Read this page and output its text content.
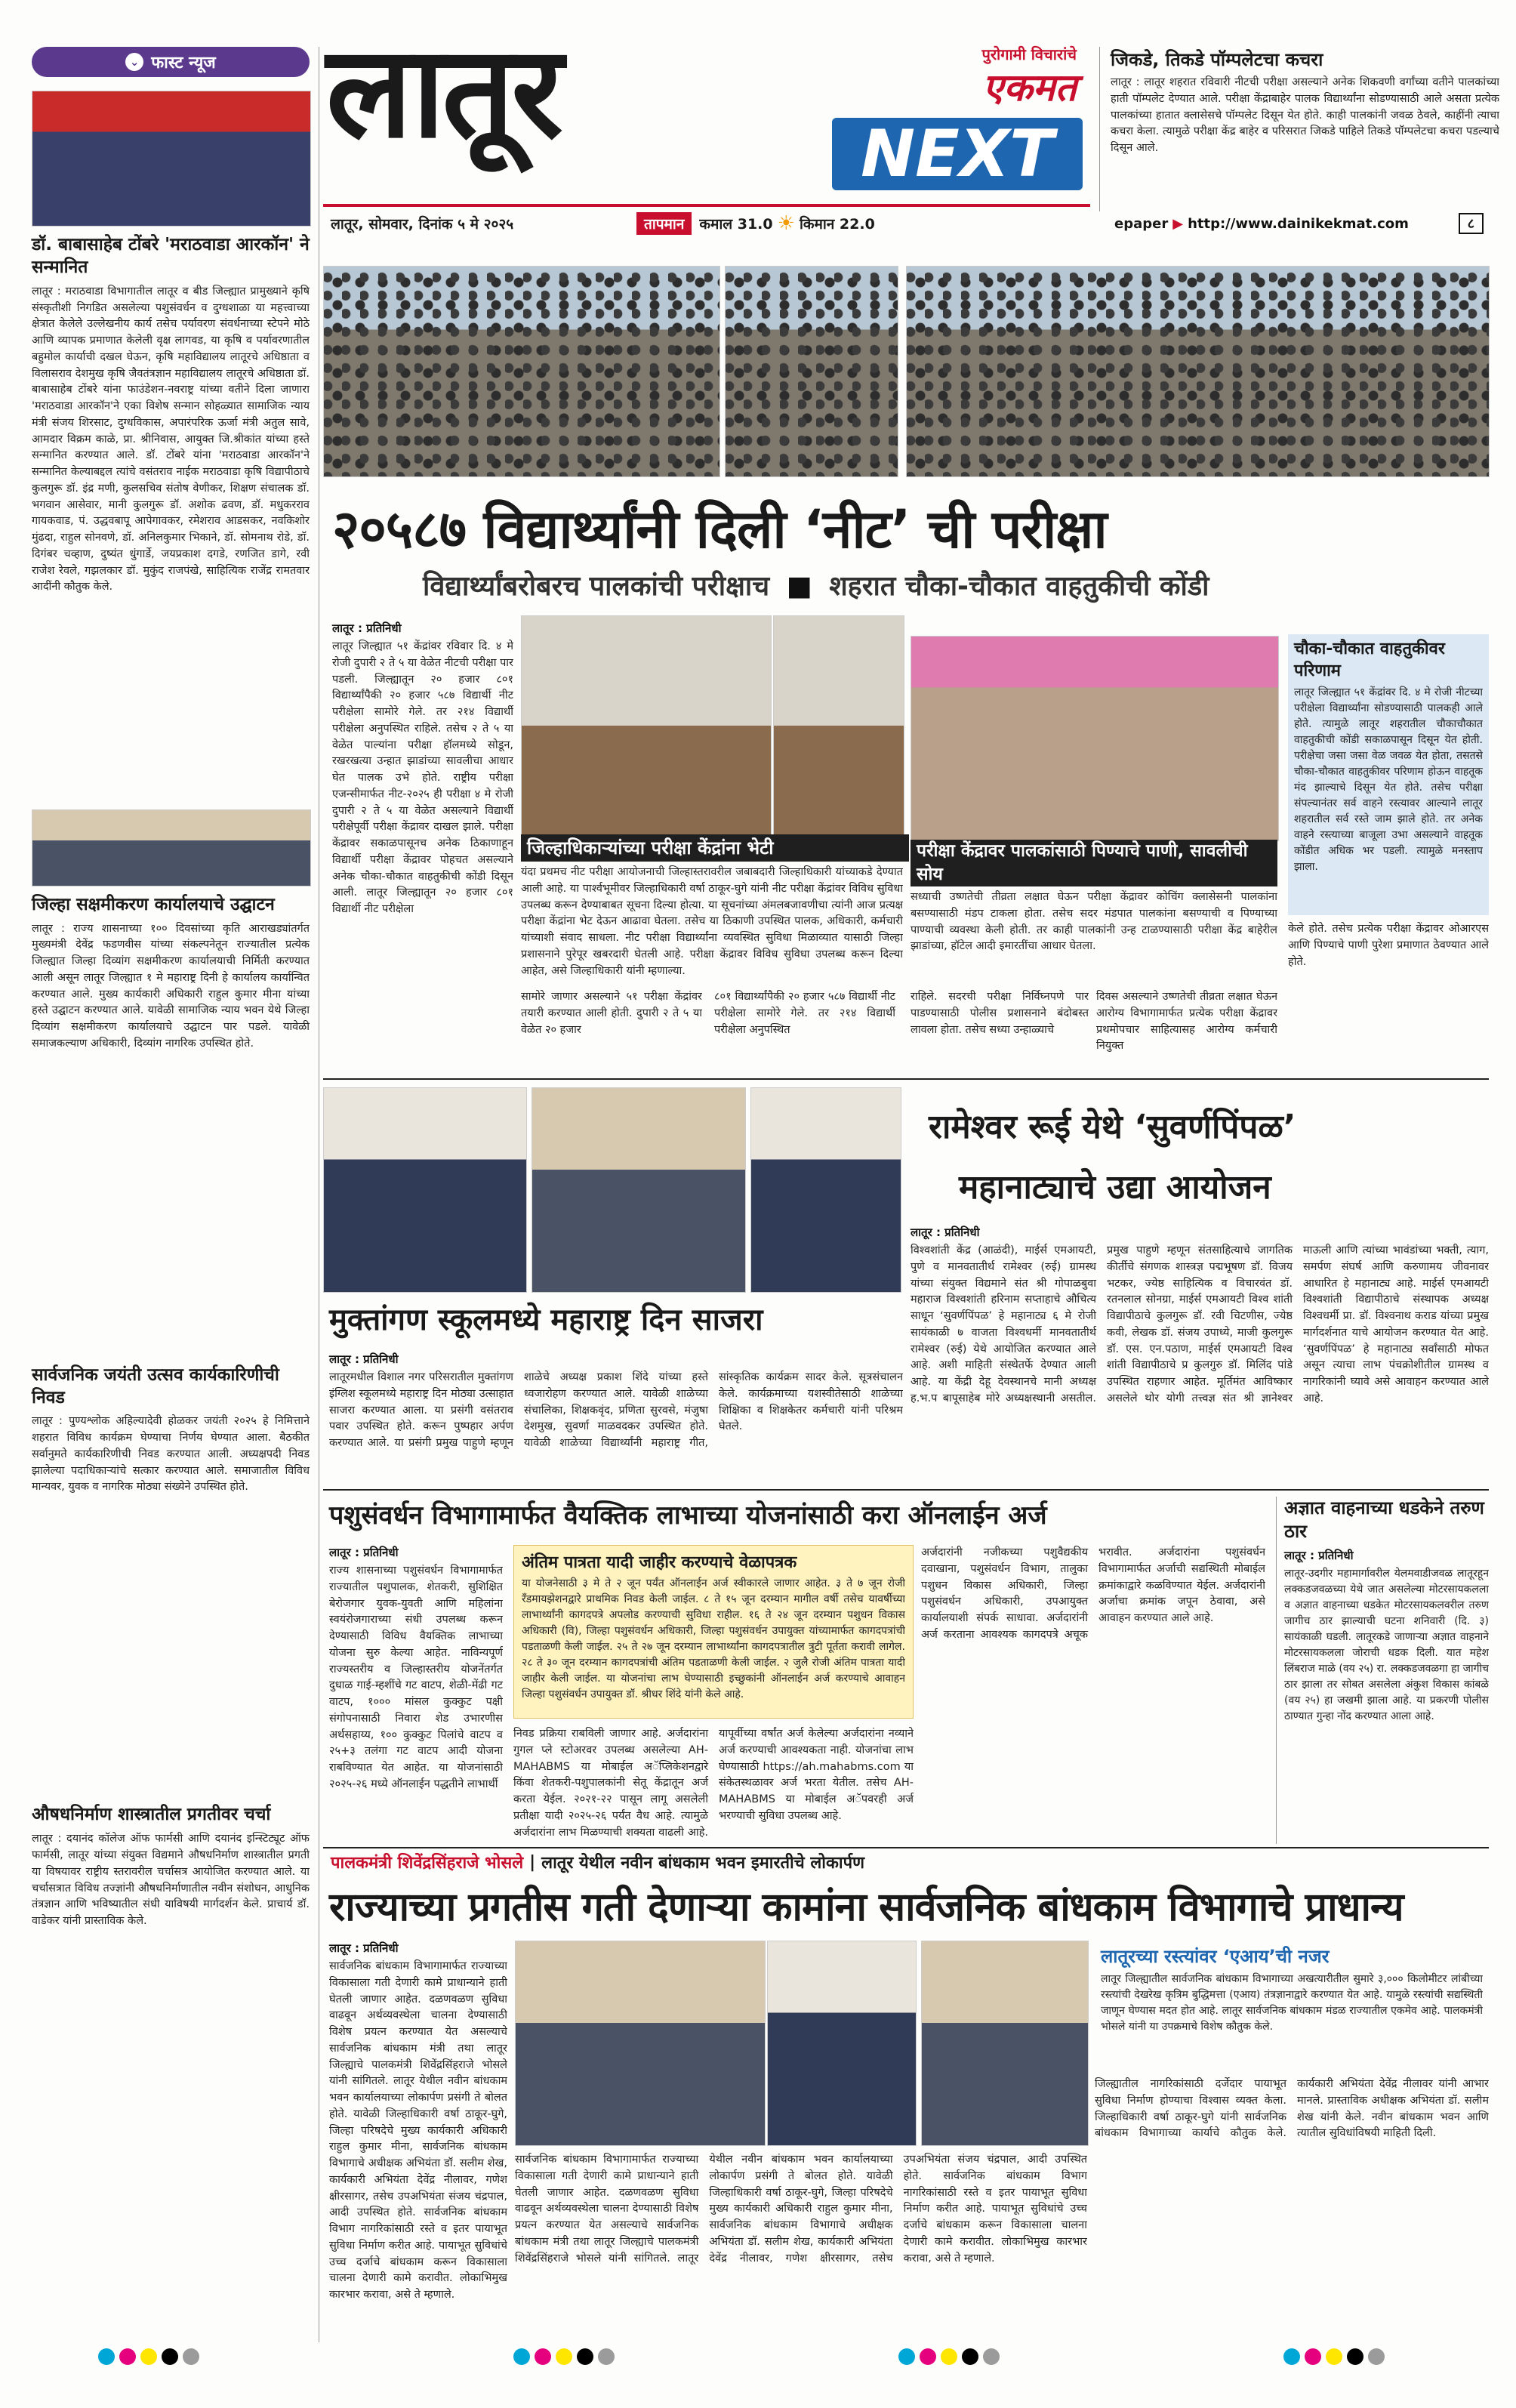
⌄ फास्ट न्यूज
डॉ. बाबासाहेब टोंबरे 'मराठवाडा आरकॉन' ने सन्मानित
लातूर : मराठवाडा विभागातील लातूर व बीड जिल्ह्यात प्रामुख्याने कृषि संस्कृतीशी निगडित असलेल्या पशुसंवर्धन व दुग्धशाळा या महत्त्वाच्या क्षेत्रात केलेले उल्लेखनीय कार्य तसेच पर्यावरण संवर्धनाच्या स्टेपने मोठे आणि व्यापक प्रमाणात केलेली वृक्ष लागवड, या कृषि व पर्यावरणातील बहुमोल कार्याची दखल घेऊन, कृषि महाविद्यालय लातूरचे अधिष्ठाता व विलासराव देशमुख कृषि जैवतंत्रज्ञान महाविद्यालय लातूरचे अधिष्ठाता डॉ. बाबासाहेब टोंबरे यांना फाउंडेशन-नवराष्ट्र यांच्या वतीने दिला जाणारा 'मराठवाडा आरकॉन'ने एका विशेष सन्मान सोहळ्यात सामाजिक न्याय मंत्री संजय शिरसाट, दुग्धविकास, अपारंपरिक ऊर्जा मंत्री अतुल सावे, आमदार विक्रम काळे, प्रा. श्रीनिवास, आयुक्त जि.श्रीकांत यांच्या हस्ते सन्मानित करण्यात आले. डॉ. टोंबरे यांना 'मराठवाडा आरकॉन'ने सन्मानित केल्याबद्दल त्यांचे वसंतराव नाईक मराठवाडा कृषि विद्यापीठाचे कुलगुरू डॉ. इंद्र मणी, कुलसचिव संतोष वेणीकर, शिक्षण संचालक डॉ. भगवान आसेवार, मानी कुलगुरू डॉ. अशोक ढवण, डॉ. मधुकरराव गायकवाड, पं. उद्धवबापू आपेगावकर, रमेशराव आडसकर, नवकिशोर मुंढदा, राहुल सोनवणे, डॉ. अनिलकुमार भिकाने, डॉ. सोमनाथ रोडे, डॉ. दिगंबर चव्हाण, दुष्यंत धुंगार्डे, जयप्रकाश दगडे, रणजित डागे, रवी राजेश रेवले, गझलकार डॉ. मुकुंद राजपंखे, साहित्यिक राजेंद्र रामतवार आदींनी कौतुक केले.
जिल्हा सक्षमीकरण कार्यालयाचे उद्घाटन
लातूर : राज्य शासनाच्या १०० दिवसांच्या कृति आराखड्यांतर्गत मुख्यमंत्री देवेंद्र फडणवीस यांच्या संकल्पनेतून राज्यातील प्रत्येक जिल्ह्यात जिल्हा दिव्यांग सक्षमीकरण कार्यालयाची निर्मिती करण्यात आली असून लातूर जिल्ह्यात १ मे महाराष्ट्र दिनी हे कार्यालय कार्यान्वित करण्यात आले. मुख्य कार्यकारी अधिकारी राहुल कुमार मीना यांच्या हस्ते उद्घाटन करण्यात आले. यावेळी सामाजिक न्याय भवन येथे जिल्हा दिव्यांग सक्षमीकरण कार्यालयाचे उद्घाटन पार पडले. यावेळी समाजकल्याण अधिकारी, दिव्यांग नागरिक उपस्थित होते.
सार्वजनिक जयंती उत्सव कार्यकारिणीची निवड
लातूर : पुण्यश्लोक अहिल्यादेवी होळकर जयंती २०२५ हे निमित्ताने शहरात विविध कार्यक्रम घेण्याचा निर्णय घेण्यात आला. बैठकीत सर्वानुमते कार्यकारिणीची निवड करण्यात आली. अध्यक्षपदी निवड झालेल्या पदाधिकाऱ्यांचे सत्कार करण्यात आले. समाजातील विविध मान्यवर, युवक व नागरिक मोठ्या संख्येने उपस्थित होते.
औषधनिर्माण शास्त्रातील प्रगतीवर चर्चा
लातूर : दयानंद कॉलेज ऑफ फार्मसी आणि दयानंद इन्स्टिट्यूट ऑफ फार्मसी, लातूर यांच्या संयुक्त विद्यमाने औषधनिर्माण शास्त्रातील प्रगती या विषयावर राष्ट्रीय स्तरावरील चर्चासत्र आयोजित करण्यात आले. या चर्चासत्रात विविध तज्ज्ञांनी औषधनिर्माणातील नवीन संशोधन, आधुनिक तंत्रज्ञान आणि भविष्यातील संधी याविषयी मार्गदर्शन केले. प्राचार्य डॉ. वाडेकर यांनी प्रास्ताविक केले.
लातूर	पुरोगामी विचारांचे
एकमत
NEXT
लातूर, सोमवार, दिनांक ५ मे २०२५	तापमान	कमाल 31.0 ☀ किमान 22.0
जिकडे, तिकडे पॉम्पलेटचा कचरा
लातूर : लातूर शहरात रविवारी नीटची परीक्षा असल्याने अनेक शिकवणी वर्गांच्या वतीने पालकांच्या हाती पॉम्पलेट देण्यात आले. परीक्षा केंद्राबाहेर पालक विद्यार्थ्यांना सोडण्यासाठी आले असता प्रत्येक पालकांच्या हातात क्लासेसचे पॉम्पलेट दिसून येत होते. काही पालकांनी जवळ ठेवले, काहींनी त्याचा कचरा केला. त्यामुळे परीक्षा केंद्र बाहेर व परिसरात जिकडे पाहिले तिकडे पॉम्पलेटचा कचरा पडल्याचे दिसून आले.
epaper ▶ http://www.dainikekmat.com	८
२०५८७ विद्यार्थ्यांनी दिली ‘नीट’ ची परीक्षा
विद्यार्थ्यांबरोबरच पालकांची परीक्षाच ■ शहरात चौका-चौकात वाहतुकीची कोंडी
लातूर : प्रतिनिधी
लातूर जिल्ह्यात ५१ केंद्रांवर रविवार दि. ४ मे रोजी दुपारी २ ते ५ या वेळेत नीटची परीक्षा पार पडली. जिल्ह्यातून २० हजार ८०१ विद्यार्थ्यांपैकी २० हजार ५८७ विद्यार्थी नीट परीक्षेला सामोरे गेले. तर २१४ विद्यार्थी परीक्षेला अनुपस्थित राहिले. तसेच २ ते ५ या वेळेत पाल्यांना परीक्षा हॉलमध्ये सोडून, रखरखत्या उन्हात झाडांच्या सावलीचा आधार घेत पालक उभे होते. राष्ट्रीय परीक्षा एजन्सीमार्फत नीट-२०२५ ही परीक्षा ४ मे रोजी दुपारी २ ते ५ या वेळेत असल्याने विद्यार्थी परीक्षेपूर्वी परीक्षा केंद्रावर दाखल झाले. परीक्षा केंद्रावर सकाळपासूनच अनेक ठिकाणाहून विद्यार्थी परीक्षा केंद्रावर पोहचत असल्याने अनेक चौका-चौकात वाहतुकीची कोंडी दिसून आली. लातूर जिल्ह्यातून २० हजार ८०१ विद्यार्थी नीट परीक्षेला
जिल्हाधिकाऱ्यांच्या परीक्षा केंद्रांना भेटी
यंदा प्रथमच नीट परीक्षा आयोजनाची जिल्हास्तरावरील जबाबदारी जिल्हाधिकारी यांच्याकडे देण्यात आली आहे. या पार्श्वभूमीवर जिल्हाधिकारी वर्षा ठाकूर-घुगे यांनी नीट परीक्षा केंद्रांवर विविध सुविधा उपलब्ध करून देण्याबाबत सूचना दिल्या होत्या. या सूचनांच्या अंमलबजावणीचा त्यांनी आज प्रत्यक्ष परीक्षा केंद्रांना भेट देऊन आढावा घेतला. तसेच या ठिकाणी उपस्थित पालक, अधिकारी, कर्मचारी यांच्याशी संवाद साधला. नीट परीक्षा विद्यार्थ्यांना व्यवस्थित सुविधा मिळाव्यात यासाठी जिल्हा प्रशासनाने पुरेपूर खबरदारी घेतली आहे. परीक्षा केंद्रावर विविध सुविधा उपलब्ध करून दिल्या आहेत, असे जिल्हाधिकारी यांनी म्हणाल्या.
परीक्षा केंद्रावर पालकांसाठी पिण्याचे पाणी, सावलीची सोय
सध्याची उष्णतेची तीव्रता लक्षात घेऊन परीक्षा केंद्रावर कोचिंग क्लासेसनी पालकांना बसण्यासाठी मंडप टाकला होता. तसेच सदर मंडपात पालकांना बसण्याची व पिण्याच्या पाण्याची व्यवस्था केली होती. तर काही पालकांनी उन्ह टाळण्यासाठी परीक्षा केंद्र बाहेरील झाडांच्या, हॉटेल आदी इमारतींचा आधार घेतला.
चौका-चौकात वाहतुकीवर परिणाम
लातूर जिल्ह्यात ५१ केंद्रांवर दि. ४ मे रोजी नीटच्या परीक्षेला विद्यार्थ्यांना सोडण्यासाठी पालकही आले होते. त्यामुळे लातूर शहरातील चौकाचौकात वाहतुकीची कोंडी सकाळपासून दिसून येत होती. परीक्षेचा जसा जसा वेळ जवळ येत होता, तसतसे चौका-चौकात वाहतुकीवर परिणाम होऊन वाहतूक मंद झाल्याचे दिसून येत होते. तसेच परीक्षा संपल्यानंतर सर्व वाहने रस्त्यावर आल्याने लातूर शहरातील सर्व रस्ते जाम झाले होते. तर अनेक वाहने रस्त्याच्या बाजूला उभा असल्याने वाहतूक कोंडीत अधिक भर पडली. त्यामुळे मनस्ताप झाला.
सामोरे जाणार असल्याने ५१ परीक्षा केंद्रांवर तयारी करण्यात आली होती. दुपारी २ ते ५ या वेळेत २० हजार
८०१ विद्यार्थ्यांपैकी २० हजार ५८७ विद्यार्थी नीट परीक्षेला सामोरे गेले. तर २१४ विद्यार्थी परीक्षेला अनुपस्थित
राहिले. सदरची परीक्षा निर्विघ्नपणे पार पाडण्यासाठी पोलीस प्रशासनाने बंदोबस्त लावला होता. तसेच सध्या उन्हाळ्याचे
दिवस असल्याने उष्णतेची तीव्रता लक्षात घेऊन आरोग्य विभागामार्फत प्रत्येक परीक्षा केंद्रावर प्रथमोपचार साहित्यासह आरोग्य कर्मचारी नियुक्त
केले होते. तसेच प्रत्येक परीक्षा केंद्रावर ओआरएस आणि पिण्याचे पाणी पुरेशा प्रमाणात ठेवण्यात आले होते.
मुक्तांगण स्कूलमध्ये महाराष्ट्र दिन साजरा
लातूर : प्रतिनिधी
लातूरमधील विशाल नगर परिसरातील मुक्तांगण इंग्लिश स्कूलमध्ये महाराष्ट्र दिन मोठ्या उत्साहात साजरा करण्यात आला. या प्रसंगी वसंतराव पवार उपस्थित होते. करून पुष्पहार अर्पण करण्यात आले. या प्रसंगी प्रमुख पाहुणे म्हणून शाळेचे अध्यक्ष प्रकाश शिंदे यांच्या हस्ते ध्वजारोहण करण्यात आले. यावेळी शाळेच्या संचालिका, शिक्षकवृंद, प्रणिता सुरवसे, मंजुषा देशमुख, सुवर्णा माळवदकर उपस्थित होते. यावेळी शाळेच्या विद्यार्थ्यांनी महाराष्ट्र गीत, सांस्कृतिक कार्यक्रम सादर केले. सूत्रसंचालन केले. कार्यक्रमाच्या यशस्वीतेसाठी शाळेच्या शिक्षिका व शिक्षकेतर कर्मचारी यांनी परिश्रम घेतले.
रामेश्वर रूई येथे ‘सुवर्णपिंपळ’
महानाट्याचे उद्या आयोजन
लातूर : प्रतिनिधी
विश्वशांती केंद्र (आळंदी), माईर्स एमआयटी, पुणे व मानवतातीर्थ रामेश्वर (रुई) ग्रामस्थ यांच्या संयुक्त विद्यमाने संत श्री गोपाळबुवा महाराज विश्वशांती हरिनाम सप्ताहाचे औचित्य साधून ‘सुवर्णपिंपळ’ हे महानाट्य ६ मे रोजी सायंकाळी ७ वाजता विश्वधर्मी मानवतातीर्थ रामेश्वर (रुई) येथे आयोजित करण्यात आले आहे. अशी माहिती संस्थेतर्फे देण्यात आली आहे. या केंद्री देहू देवस्थानचे मानी अध्यक्ष ह.भ.प बापूसाहेब मोरे अध्यक्षस्थानी असतील. प्रमुख पाहुणे म्हणून संतसाहित्याचे जागतिक कीर्तीचे संगणक शास्त्रज्ञ पद्मभूषण डॉ. विजय भटकर, ज्येष्ठ साहित्यिक व विचारवंत डॉ. रतनलाल सोनग्रा, माईर्स एमआयटी विश्व शांती विद्यापीठाचे कुलगुरू डॉ. रवी चिटणीस, ज्येष्ठ कवी, लेखक डॉ. संजय उपाध्ये, माजी कुलगुरू डॉ. एस. एन.पठाण, माईर्स एमआयटी विश्व शांती विद्यापीठाचे प्र कुलगुरु डॉ. मिलिंद पांडे उपस्थित राहणार आहेत. मूर्तिमंत आविष्कार असलेले थोर योगी तत्त्वज्ञ संत श्री ज्ञानेश्वर माऊली आणि त्यांच्या भावंडांच्या भक्ती, त्याग, समर्पण संघर्ष आणि करुणामय जीवनावर आधारित हे महानाट्य आहे. माईर्स एमआयटी विश्वशांती विद्यापीठाचे संस्थापक अध्यक्ष विश्वधर्मी प्रा. डॉ. विश्वनाथ कराड यांच्या प्रमुख मार्गदर्शनात याचे आयोजन करण्यात येत आहे. ‘सुवर्णपिंपळ’ हे महानाट्य सर्वांसाठी मोफत असून त्याचा लाभ पंचक्रोशीतील ग्रामस्थ व नागरिकांनी घ्यावे असे आवाहन करण्यात आले आहे.
पशुसंवर्धन विभागामार्फत वैयक्तिक लाभाच्या योजनांसाठी करा ऑनलाईन अर्ज
लातूर : प्रतिनिधी
राज्य शासनाच्या पशुसंवर्धन विभागामार्फत राज्यातील पशुपालक, शेतकरी, सुशिक्षित बेरोजगार युवक-युवती आणि महिलांना स्वयंरोजगाराच्या संधी उपलब्ध करून देण्यासाठी विविध वैयक्तिक लाभाच्या योजना सुरु केल्या आहेत. नाविन्यपूर्ण राज्यस्तरीय व जिल्हास्तरीय योजनेंतर्गत दुधाळ गाई-म्हशींचे गट वाटप, शेळी-मेंढी गट वाटप, १००० मांसल कुक्कुट पक्षी संगोपनासाठी निवारा शेड उभारणीस अर्थसहाय्य, १०० कुक्कुट पिलांचे वाटप व २५+३ तलंगा गट वाटप आदी योजना राबविण्यात येत आहेत. या योजनांसाठी २०२५-२६ मध्ये ऑनलाईन पद्धतीने लाभार्थी
अंतिम पात्रता यादी जाहीर करण्याचे वेळापत्रक
या योजनेसाठी ३ मे ते २ जून पर्यंत ऑनलाईन अर्ज स्वीकारले जाणार आहेत. ३ ते ७ जून रोजी रँडमायझेशनद्वारे प्राथमिक निवड केली जाईल. ८ ते १५ जून दरम्यान मागील वर्षी तसेच यावर्षीच्या लाभार्थ्यांनी कागदपत्रे अपलोड करण्याची सुविधा राहील. १६ ते २४ जून दरम्यान पशुधन विकास अधिकारी (वि), जिल्हा पशुसंवर्धन अधिकारी, जिल्हा पशुसंवर्धन उपायुक्त यांच्यामार्फत कागदपत्रांची पडताळणी केली जाईल. २५ ते २७ जून दरम्यान लाभार्थ्यांना कागदपत्रातील त्रुटी पूर्तता करावी लागेल. २८ ते ३० जून दरम्यान कागदपत्रांची अंतिम पडताळणी केली जाईल. २ जुलै रोजी अंतिम पात्रता यादी जाहीर केली जाईल. या योजनांचा लाभ घेण्यासाठी इच्छुकांनी ऑनलाईन अर्ज करण्याचे आवाहन जिल्हा पशुसंवर्धन उपायुक्त डॉ. श्रीधर शिंदे यांनी केले आहे.
निवड प्रक्रिया राबविली जाणार आहे. अर्जदारांना गुगल प्ले स्टोअरवर उपलब्ध असलेल्या AH-MAHABMS या मोबाईल अॅप्लिकेशनद्वारे किंवा शेतकरी-पशुपालकांनी सेतू केंद्रातून अर्ज करता येईल. २०२१-२२ पासून लागू असलेली प्रतीक्षा यादी २०२५-२६ पर्यंत वैध आहे. त्यामुळे अर्जदारांना लाभ मिळण्याची शक्यता वाढली आहे. यापूर्वीच्या वर्षांत अर्ज केलेल्या अर्जदारांना नव्याने अर्ज करण्याची आवश्यकता नाही. योजनांचा लाभ घेण्यासाठी https://ah.mahabms.com या संकेतस्थळावर अर्ज भरता येतील. तसेच AH-MAHABMS या मोबाईल अॅपवरही अर्ज भरण्याची सुविधा उपलब्ध आहे.
अर्जदारांनी नजीकच्या पशुवैद्यकीय दवाखाना, पशुसंवर्धन विभाग, तालुका पशुधन विकास अधिकारी, जिल्हा पशुसंवर्धन अधिकारी, उपआयुक्त कार्यालयाशी संपर्क साधावा. अर्जदारांनी अर्ज करताना आवश्यक कागदपत्रे अचूक भरावीत. अर्जदारांना पशुसंवर्धन विभागामार्फत अर्जाची सद्यस्थिती मोबाईल क्रमांकाद्वारे कळविण्यात येईल. अर्जदारांनी अर्जाचा क्रमांक जपून ठेवावा, असे आवाहन करण्यात आले आहे.
अज्ञात वाहनाच्या धडकेने तरुण ठार
लातूर : प्रतिनिधी
लातूर-उदगीर महामार्गावरील येलमवाडीजवळ लातूरहून लक्कडजवळच्या येथे जात असलेल्या मोटरसायकलला व अज्ञात वाहनाच्या धडकेत मोटरसायकलवरील तरुण जागीच ठार झाल्याची घटना शनिवारी (दि. ३) सायंकाळी घडली. लातूरकडे जाणाऱ्या अज्ञात वाहनाने मोटरसायकलला जोराची धडक दिली. यात महेश लिंबराज माळे (वय २५) रा. लक्कडजवळगा हा जागीच ठार झाला तर सोबत असलेला अंकुश विकास कांबळे (वय २५) हा जखमी झाला आहे. या प्रकरणी पोलीस ठाण्यात गुन्हा नोंद करण्यात आला आहे.
पालकमंत्री शिवेंद्रसिंहराजे भोसले | लातूर येथील नवीन बांधकाम भवन इमारतीचे लोकार्पण
राज्याच्या प्रगतीस गती देणाऱ्या कामांना सार्वजनिक बांधकाम विभागाचे प्राधान्य
लातूर : प्रतिनिधी
सार्वजनिक बांधकाम विभागामार्फत राज्याच्या विकासाला गती देणारी कामे प्राधान्याने हाती घेतली जाणार आहेत. दळणवळण सुविधा वाढवून अर्थव्यवस्थेला चालना देण्यासाठी विशेष प्रयत्न करण्यात येत असल्याचे सार्वजनिक बांधकाम मंत्री तथा लातूर जिल्ह्याचे पालकमंत्री शिवेंद्रसिंहराजे भोसले यांनी सांगितले. लातूर येथील नवीन बांधकाम भवन कार्यालयाच्या लोकार्पण प्रसंगी ते बोलत होते. यावेळी जिल्हाधिकारी वर्षा ठाकूर-घुगे, जिल्हा परिषदेचे मुख्य कार्यकारी अधिकारी राहुल कुमार मीना, सार्वजनिक बांधकाम विभागाचे अधीक्षक अभियंता डॉ. सलीम शेख, कार्यकारी अभियंता देवेंद्र नीलावर, गणेश क्षीरसागर, तसेच उपअभियंता संजय चंद्रपाल, आदी उपस्थित होते. सार्वजनिक बांधकाम विभाग नागरिकांसाठी रस्ते व इतर पायाभूत सुविधा निर्माण करीत आहे. पायाभूत सुविधांचे उच्च दर्जाचे बांधकाम करून विकासाला चालना देणारी कामे करावीत. लोकाभिमुख कारभार करावा, असे ते म्हणाले.
लातूरच्या रस्त्यांवर ‘एआय’ची नजर
लातूर जिल्ह्यातील सार्वजनिक बांधकाम विभागाच्या अखत्यारीतील सुमारे ३,००० किलोमीटर लांबीच्या रस्त्यांची देखरेख कृत्रिम बुद्धिमत्ता (एआय) तंत्रज्ञानाद्वारे करण्यात येत आहे. यामुळे रस्त्यांची सद्यस्थिती जाणून घेण्यास मदत होत आहे. लातूर सार्वजनिक बांधकाम मंडळ राज्यातील एकमेव आहे. पालकमंत्री भोसले यांनी या उपक्रमाचे विशेष कौतुक केले.
जिल्ह्यातील नागरिकांसाठी दर्जेदार पायाभूत सुविधा निर्माण होण्याचा विश्वास व्यक्त केला. जिल्हाधिकारी वर्षा ठाकूर-घुगे यांनी सार्वजनिक बांधकाम विभागाच्या कार्याचे कौतुक केले. कार्यकारी अभियंता देवेंद्र नीलावर यांनी आभार मानले. प्रास्ताविक अधीक्षक अभियंता डॉ. सलीम शेख यांनी केले. नवीन बांधकाम भवन आणि त्यातील सुविधांविषयी माहिती दिली.
सार्वजनिक बांधकाम विभागामार्फत राज्याच्या विकासाला गती देणारी कामे प्राधान्याने हाती घेतली जाणार आहेत. दळणवळण सुविधा वाढवून अर्थव्यवस्थेला चालना देण्यासाठी विशेष प्रयत्न करण्यात येत असल्याचे सार्वजनिक बांधकाम मंत्री तथा लातूर जिल्ह्याचे पालकमंत्री शिवेंद्रसिंहराजे भोसले यांनी सांगितले. लातूर येथील नवीन बांधकाम भवन कार्यालयाच्या लोकार्पण प्रसंगी ते बोलत होते. यावेळी जिल्हाधिकारी वर्षा ठाकूर-घुगे, जिल्हा परिषदेचे मुख्य कार्यकारी अधिकारी राहुल कुमार मीना, सार्वजनिक बांधकाम विभागाचे अधीक्षक अभियंता डॉ. सलीम शेख, कार्यकारी अभियंता देवेंद्र नीलावर, गणेश क्षीरसागर, तसेच उपअभियंता संजय चंद्रपाल, आदी उपस्थित होते. सार्वजनिक बांधकाम विभाग नागरिकांसाठी रस्ते व इतर पायाभूत सुविधा निर्माण करीत आहे. पायाभूत सुविधांचे उच्च दर्जाचे बांधकाम करून विकासाला चालना देणारी कामे करावीत. लोकाभिमुख कारभार करावा, असे ते म्हणाले.
